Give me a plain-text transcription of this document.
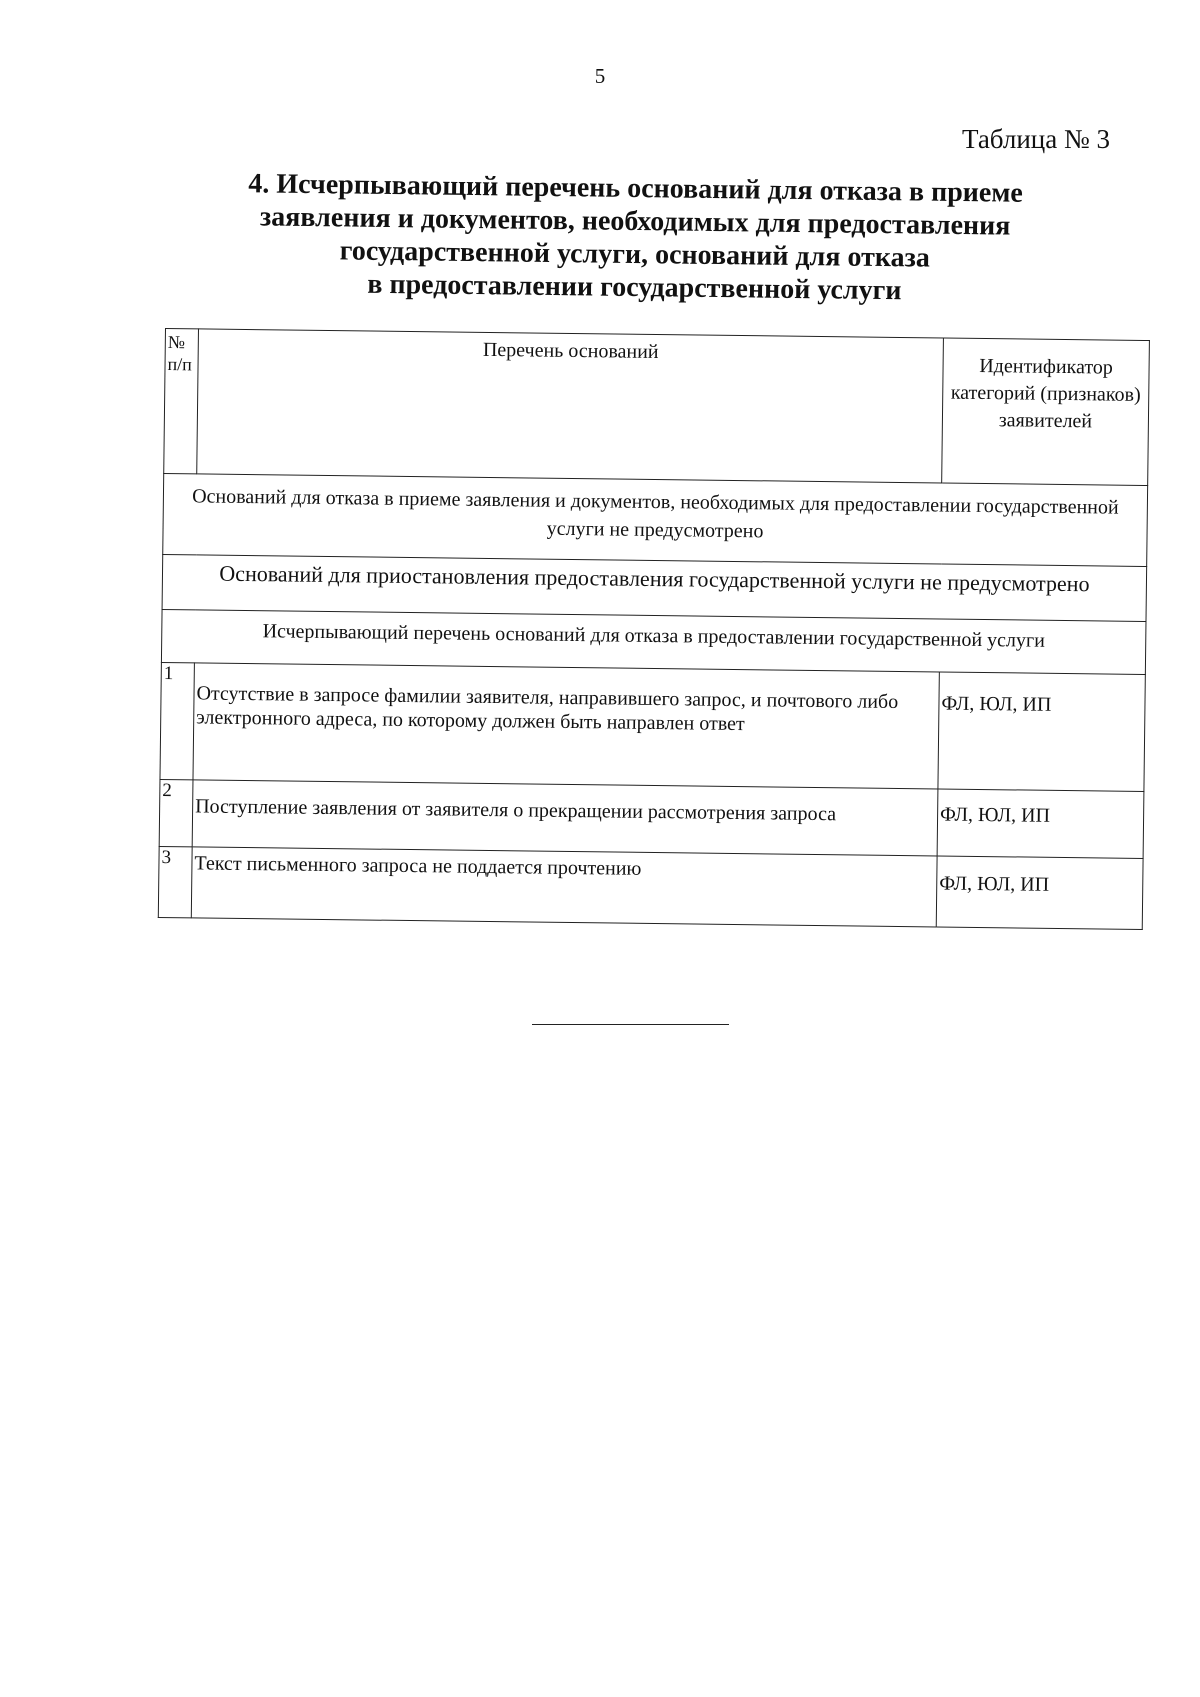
5
Таблица № 3
4. Исчерпывающий перечень оснований для отказа в приеме
заявления и документов, необходимых для предоставления
государственной услуги, оснований для отказа
в предоставлении государственной услуги
№ п/п	Перечень оснований	Идентификатор категорий (признаков) заявителей
Оснований для отказа в приеме заявления и документов, необходимых для предоставлении государственной услуги не предусмотрено		
Оснований для приостановления предоставления государственной услуги не предусмотрено		
Исчерпывающий перечень оснований для отказа в предоставлении государственной услуги		
1	Отсутствие в запросе фамилии заявителя, направившего запрос, и почтового либо электронного адреса, по которому должен быть направлен ответ	ФЛ, ЮЛ, ИП
2	Поступление заявления от заявителя о прекращении рассмотрения запроса	ФЛ, ЮЛ, ИП
3	Текст письменного запроса не поддается прочтению	ФЛ, ЮЛ, ИП
